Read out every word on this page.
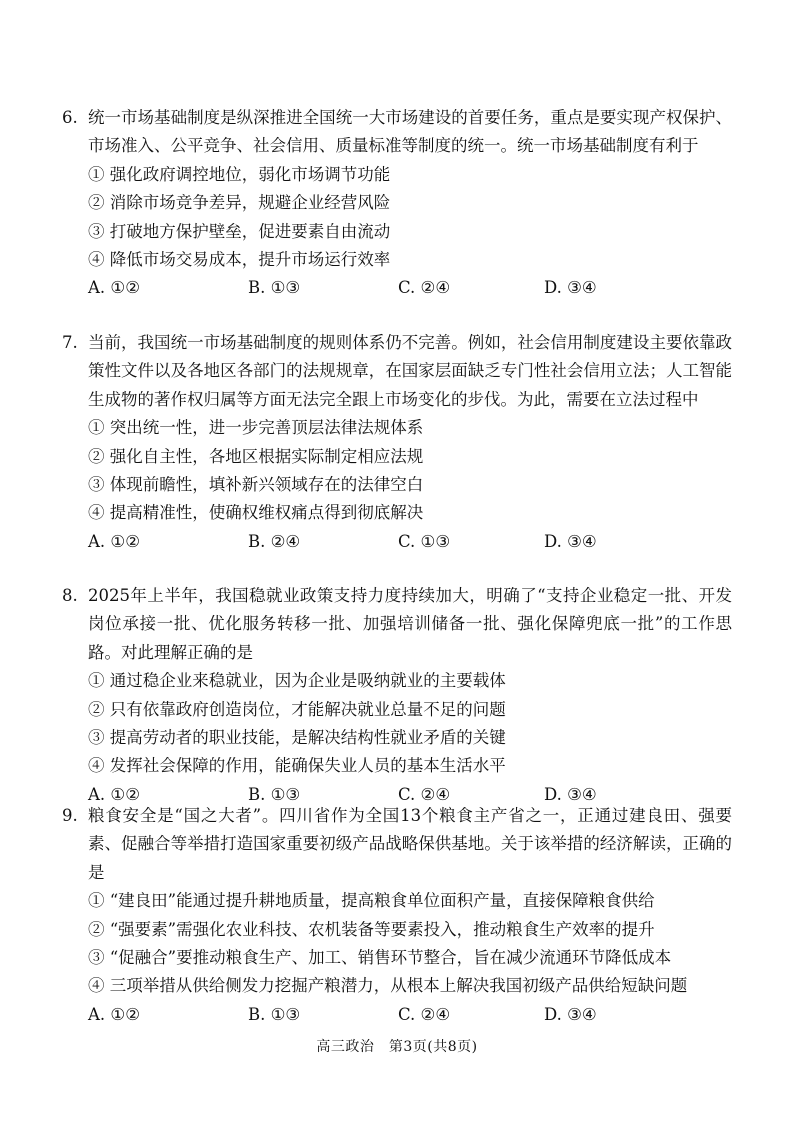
6. 统一市场基础制度是纵深推进全国统一大市场建设的首要任务，重点是要实现产权保护、市场准入、公平竞争、社会信用、质量标准等制度的统一。统一市场基础制度有利于
① 强化政府调控地位，弱化市场调节功能
② 消除市场竞争差异，规避企业经营风险
③ 打破地方保护壁垒，促进要素自由流动
④ 降低市场交易成本，提升市场运行效率
A. ①②	B. ①③	C. ②④	D. ③④
7. 当前，我国统一市场基础制度的规则体系仍不完善。例如，社会信用制度建设主要依靠政策性文件以及各地区各部门的法规规章，在国家层面缺乏专门性社会信用立法；人工智能生成物的著作权归属等方面无法完全跟上市场变化的步伐。为此，需要在立法过程中
① 突出统一性，进一步完善顶层法律法规体系
② 强化自主性，各地区根据实际制定相应法规
③ 体现前瞻性，填补新兴领域存在的法律空白
④ 提高精准性，使确权维权痛点得到彻底解决
A. ①②	B. ②④	C. ①③	D. ③④
8. 2025年上半年，我国稳就业政策支持力度持续加大，明确了“支持企业稳定一批、开发岗位承接一批、优化服务转移一批、加强培训储备一批、强化保障兜底一批”的工作思路。对此理解正确的是
① 通过稳企业来稳就业，因为企业是吸纳就业的主要载体
② 只有依靠政府创造岗位，才能解决就业总量不足的问题
③ 提高劳动者的职业技能，是解决结构性就业矛盾的关键
④ 发挥社会保障的作用，能确保失业人员的基本生活水平
A. ①②	B. ①③	C. ②④	D. ③④
9. 粮食安全是“国之大者”。四川省作为全国13个粮食主产省之一，正通过建良田、强要素、促融合等举措打造国家重要初级产品战略保供基地。关于该举措的经济解读，正确的是
① “建良田”能通过提升耕地质量，提高粮食单位面积产量，直接保障粮食供给
② “强要素”需强化农业科技、农机装备等要素投入，推动粮食生产效率的提升
③ “促融合”要推动粮食生产、加工、销售环节整合，旨在减少流通环节降低成本
④ 三项举措从供给侧发力挖掘产粮潜力，从根本上解决我国初级产品供给短缺问题
A. ①②	B. ①③	C. ②④	D. ③④
高三政治　第3页(共8页)
